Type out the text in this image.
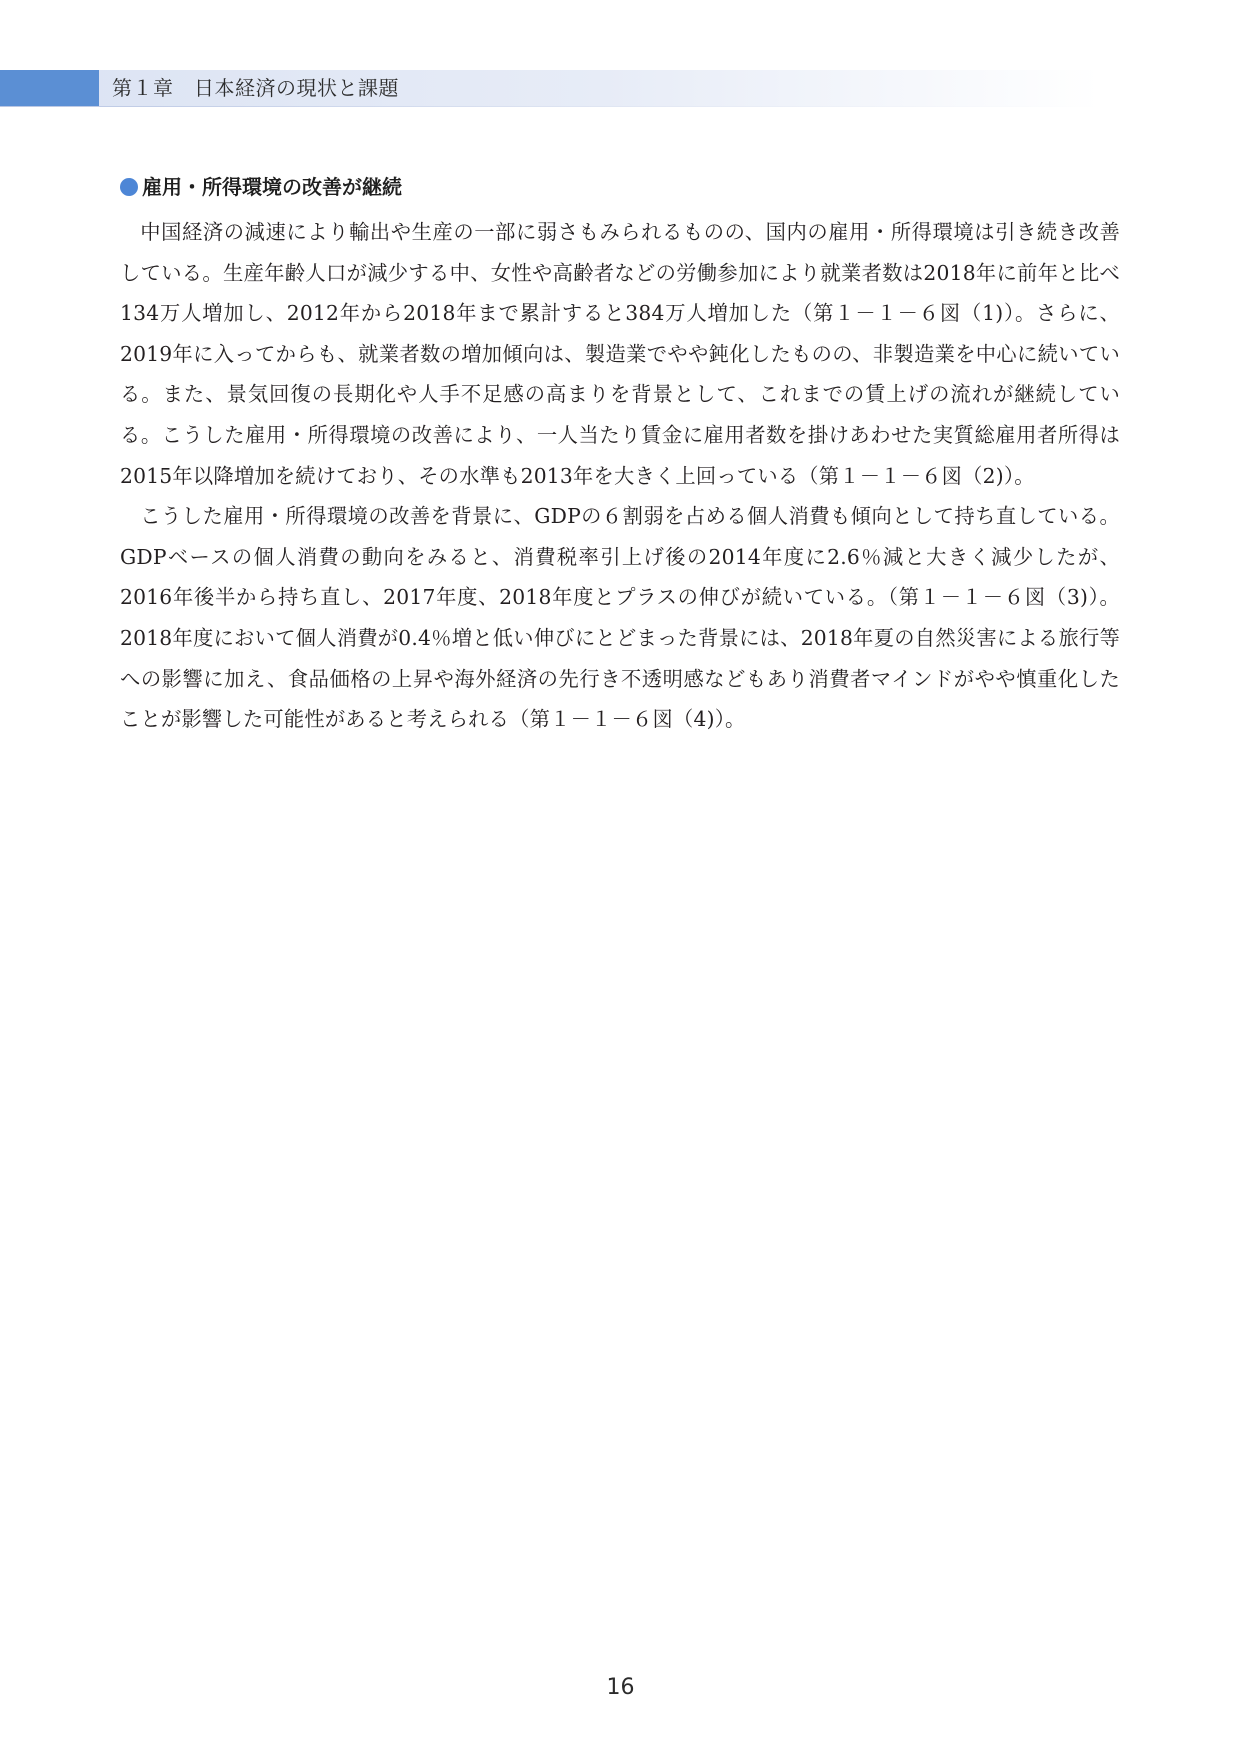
第１章　日本経済の現状と課題
雇用・所得環境の改善が継続

中国経済の減速により輸出や生産の一部に弱さもみられるものの、国内の雇用・所得環境は引き続き改善している。生産年齢人口が減少する中、女性や高齢者などの労働参加により就業者数は2018年に前年と比べ134万人増加し、2012年から2018年まで累計すると384万人増加した（第１－１－６図（1)）。さらに、2019年に入ってからも、就業者数の増加傾向は、製造業でやや鈍化したものの、非製造業を中心に続いている。また、景気回復の長期化や人手不足感の高まりを背景として、これまでの賃上げの流れが継続している。こうした雇用・所得環境の改善により、一人当たり賃金に雇用者数を掛けあわせた実質総雇用者所得は2015年以降増加を続けており、その水準も2013年を大きく上回っている（第１－１－６図（2)）。

こうした雇用・所得環境の改善を背景に、GDPの６割弱を占める個人消費も傾向として持ち直している。GDPベースの個人消費の動向をみると、消費税率引上げ後の2014年度に2.6％減と大きく減少したが、2016年後半から持ち直し、2017年度、2018年度とプラスの伸びが続いている。（第１－１－６図（3)）。2018年度において個人消費が0.4％増と低い伸びにとどまった背景には、2018年夏の自然災害による旅行等への影響に加え、食品価格の上昇や海外経済の先行き不透明感などもあり消費者マインドがやや慎重化したことが影響した可能性があると考えられる（第１－１－６図（4)）。

16
